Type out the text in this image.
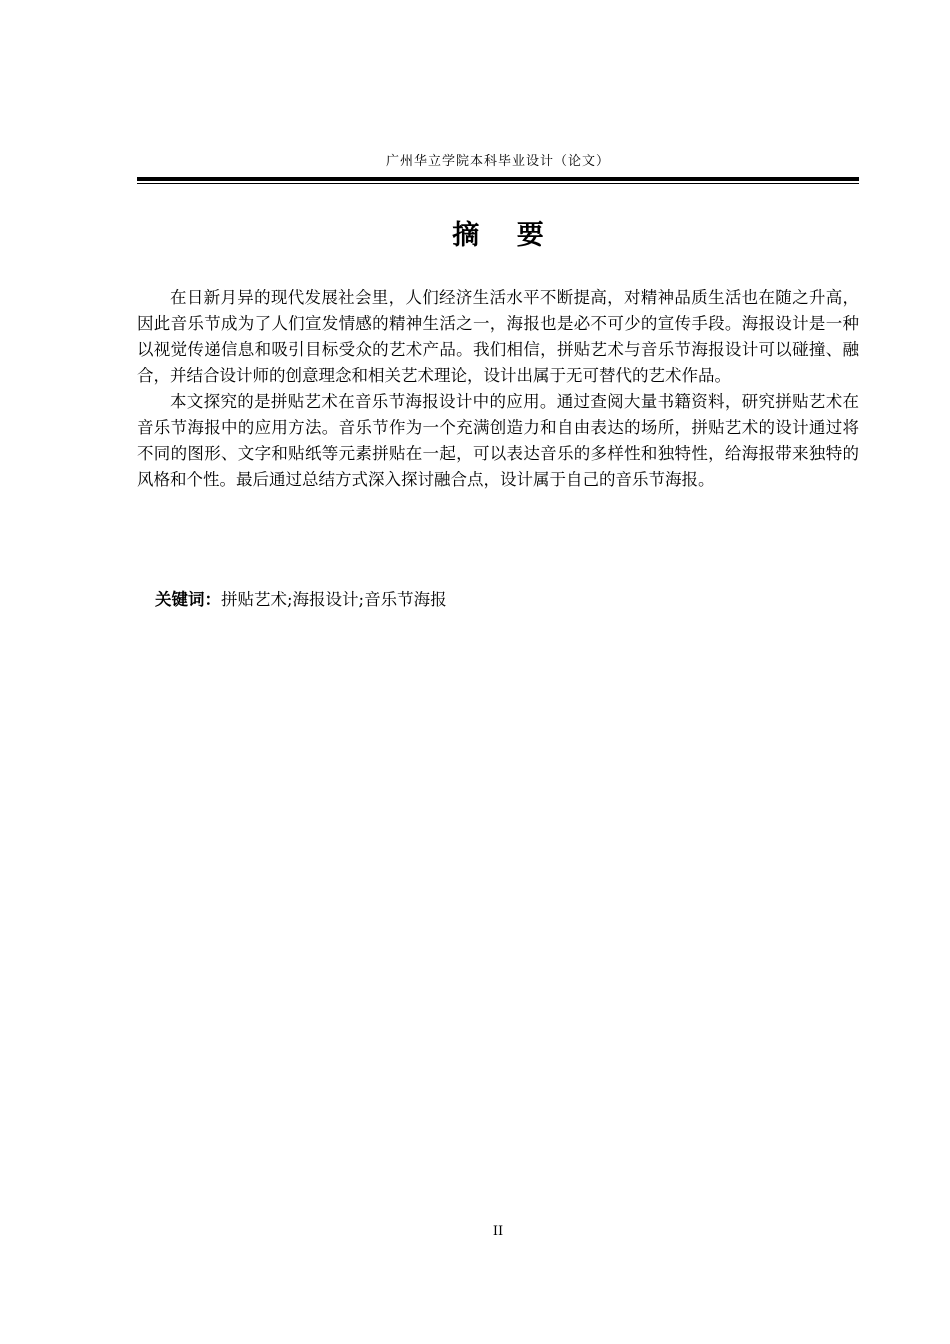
广州华立学院本科毕业设计（论文）
摘 要

在日新月异的现代发展社会里，人们经济生活水平不断提高，对精神品质生活也在随之升高，因此音乐节成为了人们宣发情感的精神生活之一，海报也是必不可少的宣传手段。海报设计是一种以视觉传递信息和吸引目标受众的艺术产品。我们相信，拼贴艺术与音乐节海报设计可以碰撞、融合，并结合设计师的创意理念和相关艺术理论，设计出属于无可替代的艺术作品。

本文探究的是拼贴艺术在音乐节海报设计中的应用。通过查阅大量书籍资料，研究拼贴艺术在音乐节海报中的应用方法。音乐节作为一个充满创造力和自由表达的场所，拼贴艺术的设计通过将不同的图形、文字和贴纸等元素拼贴在一起，可以表达音乐的多样性和独特性，给海报带来独特的风格和个性。最后通过总结方式深入探讨融合点，设计属于自己的音乐节海报。

关键词：拼贴艺术;海报设计;音乐节海报
II
